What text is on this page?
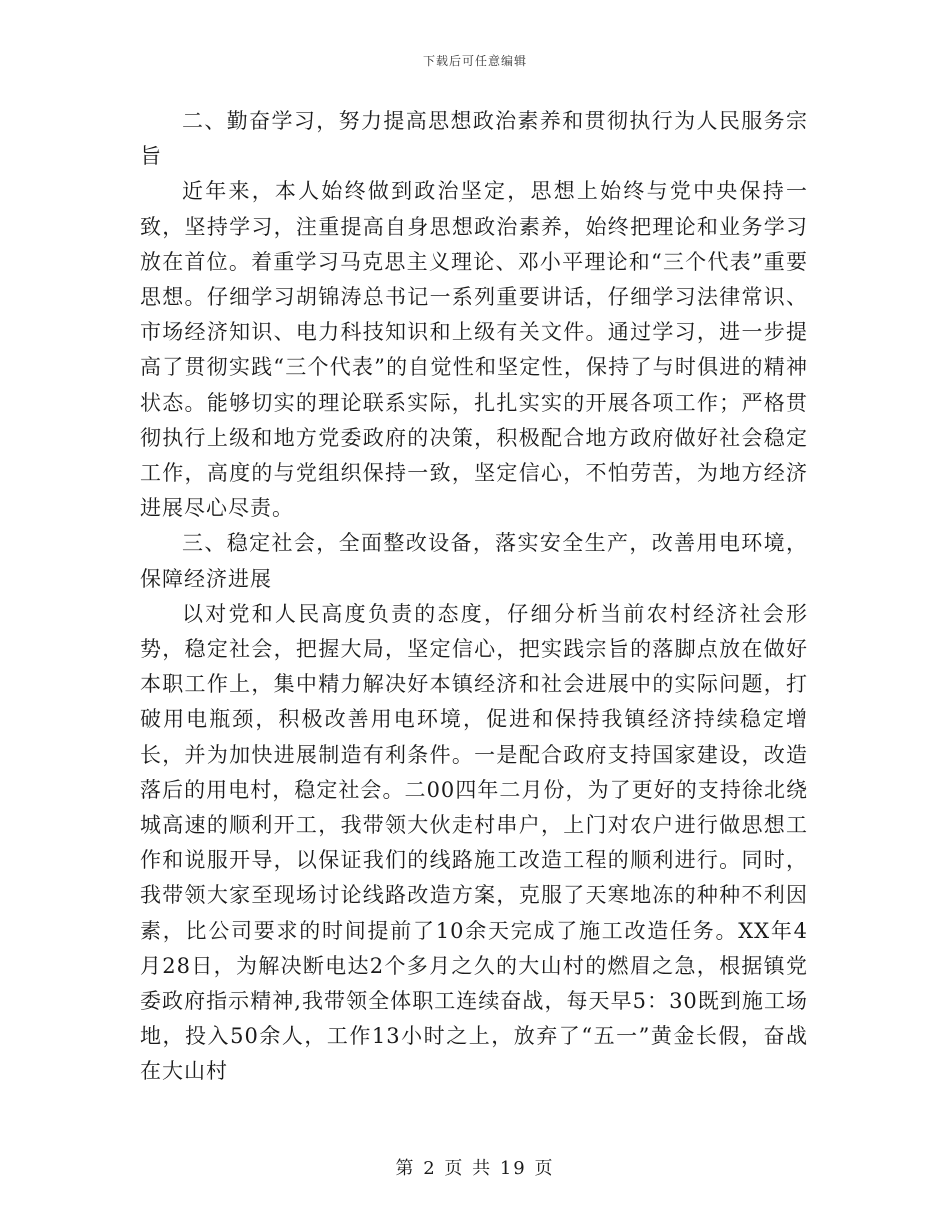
下载后可任意编辑

二、勤奋学习，努力提高思想政治素养和贯彻执行为人民服务宗旨

近年来，本人始终做到政治坚定，思想上始终与党中央保持一致，坚持学习，注重提高自身思想政治素养，始终把理论和业务学习放在首位。着重学习马克思主义理论、邓小平理论和“三个代表”重要思想。仔细学习胡锦涛总书记一系列重要讲话，仔细学习法律常识、市场经济知识、电力科技知识和上级有关文件。通过学习，进一步提高了贯彻实践“三个代表”的自觉性和坚定性，保持了与时俱进的精神状态。能够切实的理论联系实际，扎扎实实的开展各项工作；严格贯彻执行上级和地方党委政府的决策，积极配合地方政府做好社会稳定工作，高度的与党组织保持一致，坚定信心，不怕劳苦，为地方经济进展尽心尽责。

三、稳定社会，全面整改设备，落实安全生产，改善用电环境，保障经济进展

以对党和人民高度负责的态度，仔细分析当前农村经济社会形势，稳定社会，把握大局，坚定信心，把实践宗旨的落脚点放在做好本职工作上，集中精力解决好本镇经济和社会进展中的实际问题，打破用电瓶颈，积极改善用电环境，促进和保持我镇经济持续稳定增长，并为加快进展制造有利条件。一是配合政府支持国家建设，改造落后的用电村，稳定社会。二00四年二月份，为了更好的支持徐北绕城高速的顺利开工，我带领大伙走村串户，上门对农户进行做思想工作和说服开导，以保证我们的线路施工改造工程的顺利进行。同时，我带领大家至现场讨论线路改造方案，克服了天寒地冻的种种不利因素，比公司要求的时间提前了10余天完成了施工改造任务。XX年4月28日，为解决断电达2个多月之久的大山村的燃眉之急，根据镇党委政府指示精神,我带领全体职工连续奋战，每天早5：30既到施工场地，投入50余人，工作13小时之上，放弃了“五一”黄金长假，奋战在大山村

第 2 页 共 19 页
